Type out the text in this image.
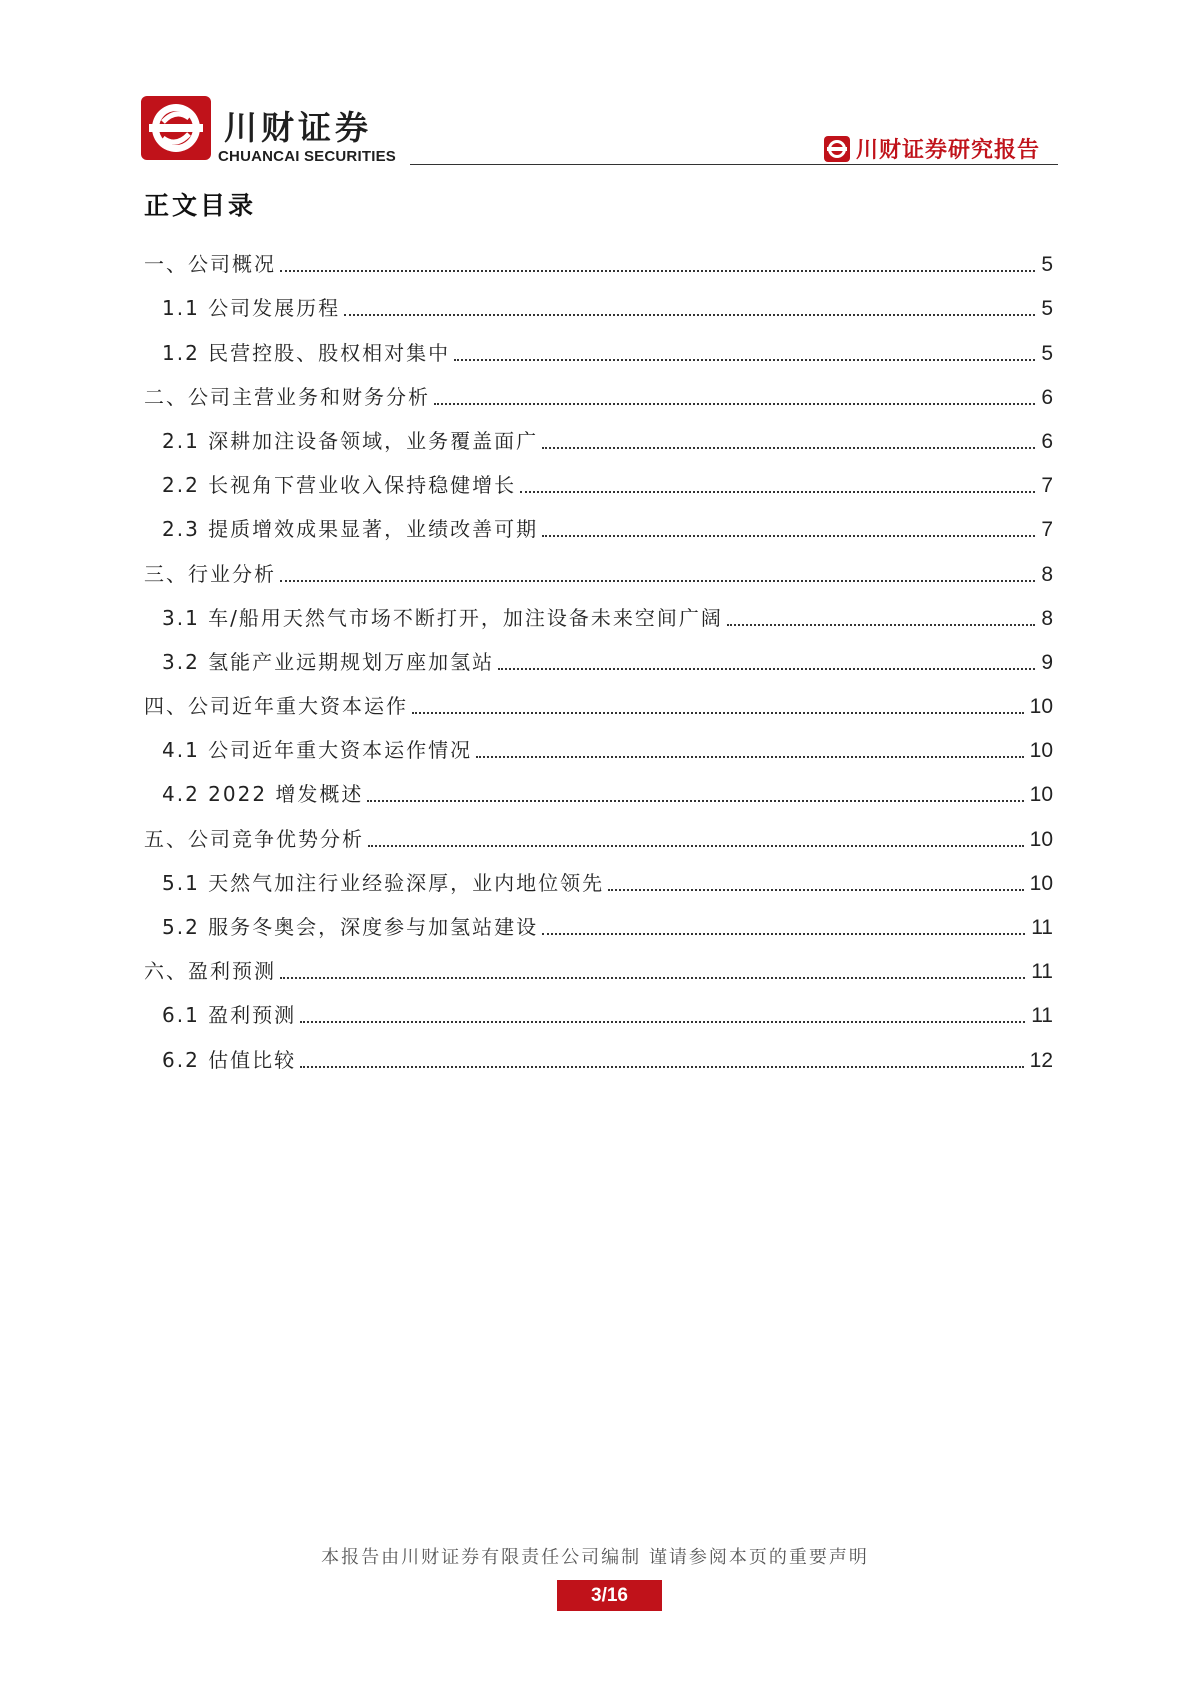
川财证券
CHUANCAI SECURITIES	川财证券研究报告
正文目录
一、公司概况	5
1.1 公司发展历程	5
1.2 民营控股、股权相对集中	5
二、公司主营业务和财务分析	6
2.1 深耕加注设备领域，业务覆盖面广	6
2.2 长视角下营业收入保持稳健增长	7
2.3 提质增效成果显著，业绩改善可期	7
三、行业分析	8
3.1 车/船用天然气市场不断打开，加注设备未来空间广阔	8
3.2 氢能产业远期规划万座加氢站	9
四、公司近年重大资本运作	10
4.1 公司近年重大资本运作情况	10
4.2 2022 增发概述	10
五、公司竞争优势分析	10
5.1 天然气加注行业经验深厚，业内地位领先	10
5.2 服务冬奥会，深度参与加氢站建设	11
六、盈利预测	11
6.1 盈利预测	11
6.2 估值比较	12
本报告由川财证券有限责任公司编制 谨请参阅本页的重要声明
3/16
